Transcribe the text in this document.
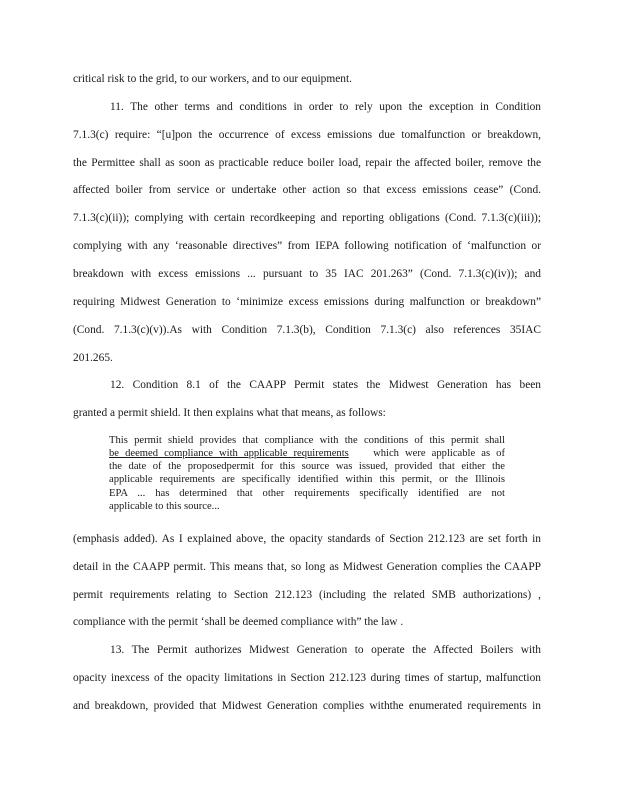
critical risk to the grid, to our workers, and to our equipment.
11. The other terms and conditions in order to rely upon the exception in Condition
7.1.3(c) require: “[u]pon the occurrence of excess emissions due tomalfunction or breakdown,
the Permittee shall as soon as practicable reduce boiler load, repair the affected boiler, remove the
affected boiler from service or undertake other action so that excess emissions cease” (Cond.
7.1.3(c)(ii)); complying with certain recordkeeping and reporting obligations (Cond. 7.1.3(c)(iii));
complying with any ‘reasonable directives” from IEPA following notification of ‘malfunction or
breakdown with excess emissions ... pursuant to 35 IAC 201.263” (Cond. 7.1.3(c)(iv)); and
requiring Midwest Generation to ‘minimize excess emissions during malfunction or breakdown”
(Cond. 7.1.3(c)(v)).As with Condition 7.1.3(b), Condition 7.1.3(c) also references 35IAC
201.265.
12. Condition 8.1 of the CAAPP Permit states the Midwest Generation has been
granted a permit shield. It then explains what that means, as follows:
This permit shield provides that compliance with the conditions of this permit shall
be deemed compliance with applicable requirements which were applicable as of
the date of the proposedpermit for this source was issued, provided that either the
applicable requirements are specifically identified within this permit, or the Illinois
EPA ... has determined that other requirements specifically identified are not
applicable to this source...
(emphasis added). As I explained above, the opacity standards of Section 212.123 are set forth in
detail in the CAAPP permit. This means that, so long as Midwest Generation complies the CAAPP
permit requirements relating to Section 212.123 (including the related SMB authorizations) ,
compliance with the permit ‘shall be deemed compliance with” the law .
13. The Permit authorizes Midwest Generation to operate the Affected Boilers with
opacity inexcess of the opacity limitations in Section 212.123 during times of startup, malfunction
and breakdown, provided that Midwest Generation complies withthe enumerated requirements in
